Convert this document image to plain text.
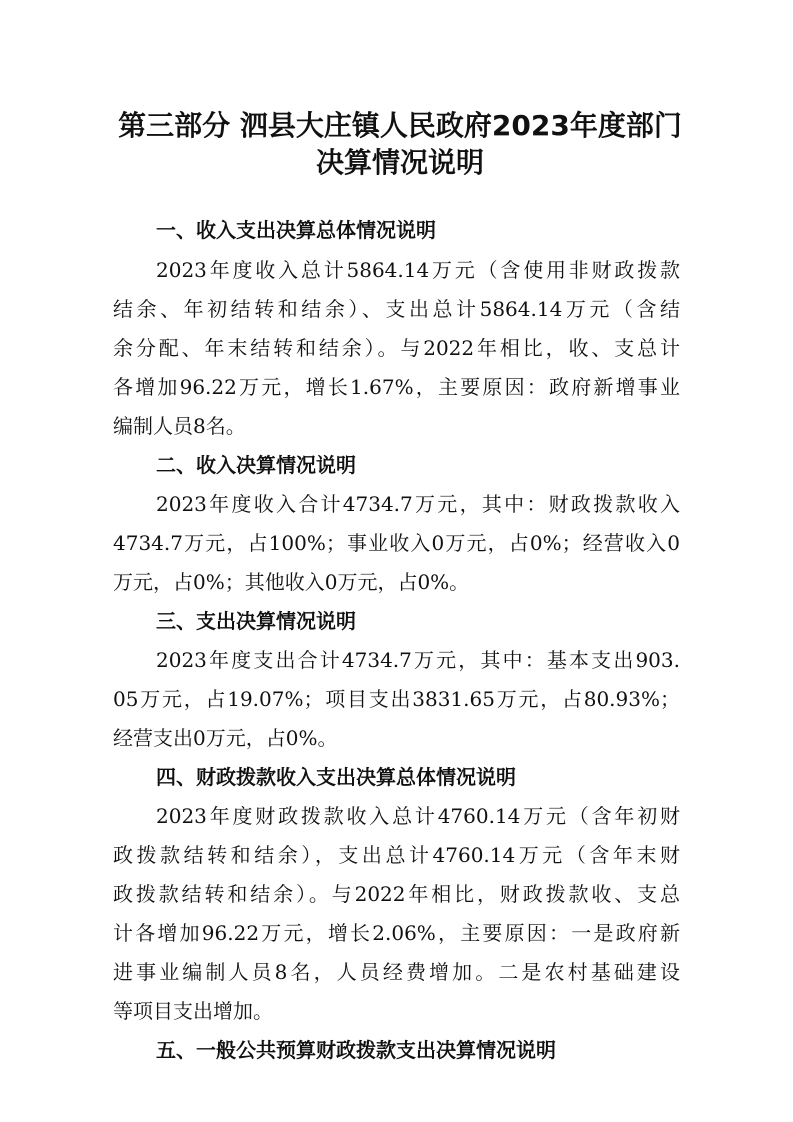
第三部分 泗县大庄镇人民政府2023年度部门
决算情况说明
一、收入支出决算总体情况说明
2023年度收入总计5864.14万元（含使用非财政拨款
结余、年初结转和结余）、支出总计5864.14万元（含结
余分配、年末结转和结余）。与2022年相比，收、支总计
各增加96.22万元，增长1.67%，主要原因：政府新增事业
编制人员8名。
二、收入决算情况说明
2023年度收入合计4734.7万元，其中：财政拨款收入
4734.7万元，占100%；事业收入0万元，占0%；经营收入0
万元，占0%；其他收入0万元，占0%。
三、支出决算情况说明
2023年度支出合计4734.7万元，其中：基本支出903.
05万元，占19.07%；项目支出3831.65万元，占80.93%；
经营支出0万元，占0%。
四、财政拨款收入支出决算总体情况说明
2023年度财政拨款收入总计4760.14万元（含年初财
政拨款结转和结余），支出总计4760.14万元（含年末财
政拨款结转和结余）。与2022年相比，财政拨款收、支总
计各增加96.22万元，增长2.06%，主要原因：一是政府新
进事业编制人员8名，人员经费增加。二是农村基础建设
等项目支出增加。
五、一般公共预算财政拨款支出决算情况说明
